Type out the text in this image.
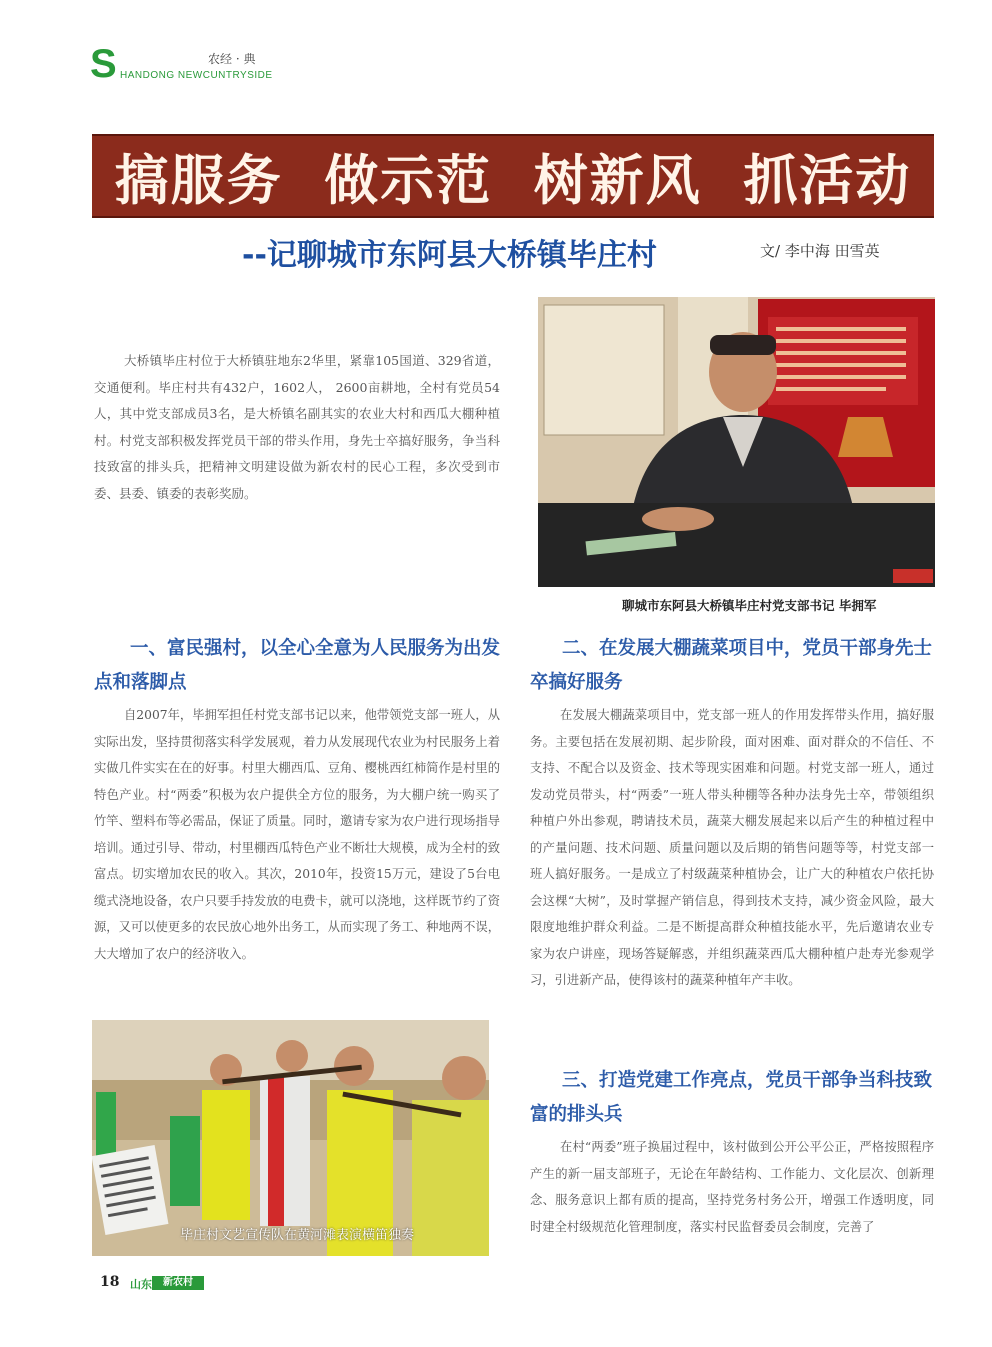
S HANDONG NEWCUNTRYSIDE
农经 · 典
搞服务  做示范  树新风  抓活动
--记聊城市东阿县大桥镇毕庄村	文/ 李中海 田雪英
聊城市东阿县大桥镇毕庄村党支部书记 毕拥军
大桥镇毕庄村位于大桥镇驻地东2华里，紧靠105国道、329省道，交通便利。毕庄村共有432户，1602人， 2600亩耕地，全村有党员54人，其中党支部成员3名，是大桥镇名副其实的农业大村和西瓜大棚种植村。村党支部积极发挥党员干部的带头作用，身先士卒搞好服务，争当科技致富的排头兵，把精神文明建设做为新农村的民心工程，多次受到市委、县委、镇委的表彰奖励。
一、富民强村，以全心全意为人民服务为出发点和落脚点
自2007年，毕拥军担任村党支部书记以来，他带领党支部一班人，从实际出发，坚持贯彻落实科学发展观，着力从发展现代农业为村民服务上着实做几件实实在在的好事。村里大棚西瓜、豆角、樱桃西红柿简作是村里的特色产业。村“两委”积极为农户提供全方位的服务，为大棚户统一购买了竹竿、塑料布等必需品，保证了质量。同时，邀请专家为农户进行现场指导培训。通过引导、带动，村里棚西瓜特色产业不断壮大规模，成为全村的致富点。切实增加农民的收入。其次，2010年，投资15万元，建设了5台电缆式浇地设备，农户只要手持发放的电费卡，就可以浇地，这样既节约了资源，又可以使更多的农民放心地外出务工，从而实现了务工、种地两不误，大大增加了农户的经济收入。
二、在发展大棚蔬菜项目中，党员干部身先士卒搞好服务
在发展大棚蔬菜项目中，党支部一班人的作用发挥带头作用，搞好服务。主要包括在发展初期、起步阶段，面对困难、面对群众的不信任、不支持、不配合以及资金、技术等现实困难和问题。村党支部一班人，通过发动党员带头，村“两委”一班人带头种棚等各种办法身先士卒，带领组织种植户外出参观，聘请技术员，蔬菜大棚发展起来以后产生的种植过程中的产量问题、技术问题、质量问题以及后期的销售问题等等，村党支部一班人搞好服务。一是成立了村级蔬菜种植协会，让广大的种植农户依托协会这棵“大树”，及时掌握产销信息，得到技术支持，减少资金风险，最大限度地维护群众利益。二是不断提高群众种植技能水平，先后邀请农业专家为农户讲座，现场答疑解惑，并组织蔬菜西瓜大棚种植户赴寿光参观学习，引进新产品，使得该村的蔬菜种植年产丰收。
三、打造党建工作亮点，党员干部争当科技致富的排头兵
在村“两委”班子换届过程中，该村做到公开公平公正，严格按照程序产生的新一届支部班子，无论在年龄结构、工作能力、文化层次、创新理念、服务意识上都有质的提高，坚持党务村务公开，增强工作透明度，同时建全村级规范化管理制度，落实村民监督委员会制度，完善了
毕庄村文艺宣传队在黄河滩表演横笛独奏
18 山东	新农村
